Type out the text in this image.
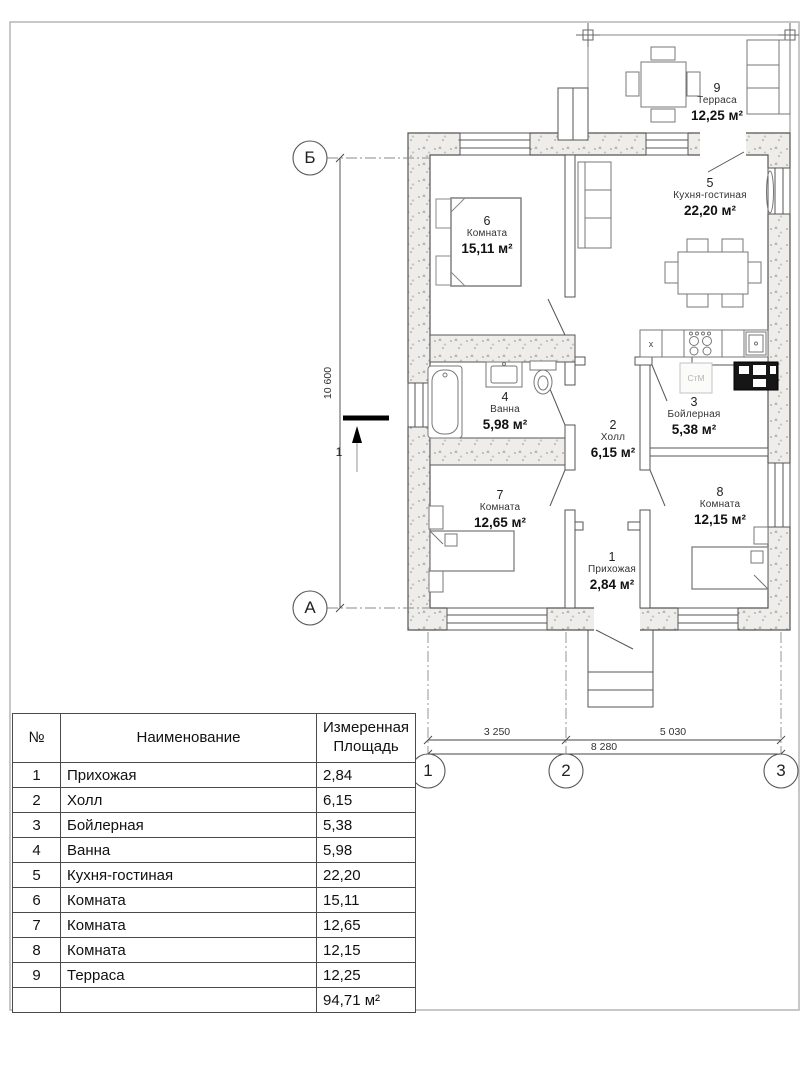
1
Прихожая
2,84 м²
2
Холл
6,15 м²
3
Бойлерная
5,38 м²
4
Ванна
5,98 м²
5
Кухня-гостиная
22,20 м²
6
Комната
15,11 м²
7
Комната
12,65 м²
8
Комната
12,15 м²
9
Терраса
12,25 м²
Б
А
1	2	3
10 600
3 250	5 030
8 280
1
СтМ
x
№	Наименование	Измеренная Площадь
1	Прихожая	2,84
2	Холл	6,15
3	Бойлерная	5,38
4	Ванна	5,98
5	Кухня-гостиная	22,20
6	Комната	15,11
7	Комната	12,65
8	Комната	12,15
9	Терраса	12,25
		94,71 м²
